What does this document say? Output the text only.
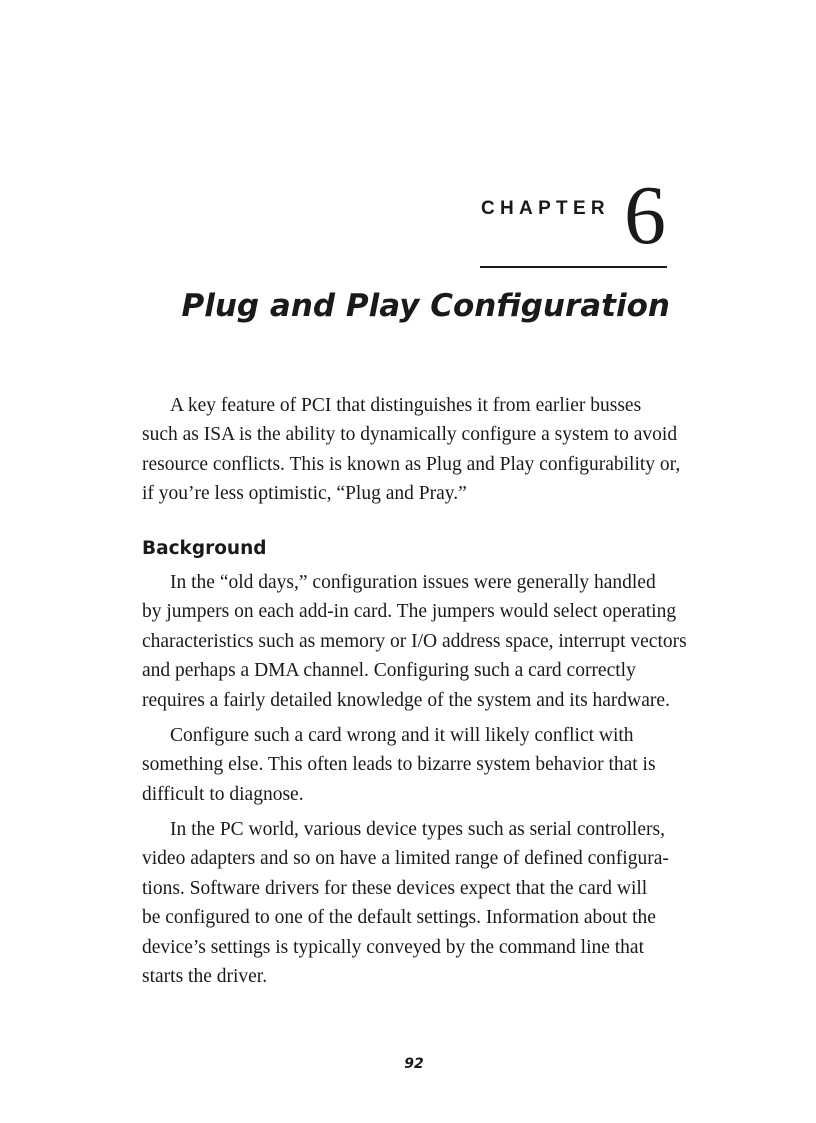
CHAPTER 6
Plug and Play Configuration
A key feature of PCI that distinguishes it from earlier busses
such as ISA is the ability to dynamically configure a system to avoid
resource conflicts. This is known as Plug and Play configurability or,
if you’re less optimistic, “Plug and Pray.”
Background
In the “old days,” configuration issues were generally handled
by jumpers on each add-in card. The jumpers would select operating
characteristics such as memory or I/O address space, interrupt vectors
and perhaps a DMA channel. Configuring such a card correctly
requires a fairly detailed knowledge of the system and its hardware.
Configure such a card wrong and it will likely conflict with
something else. This often leads to bizarre system behavior that is
difficult to diagnose.
In the PC world, various device types such as serial controllers,
video adapters and so on have a limited range of defined configura-
tions. Software drivers for these devices expect that the card will
be configured to one of the default settings. Information about the
device’s settings is typically conveyed by the command line that
starts the driver.
92
